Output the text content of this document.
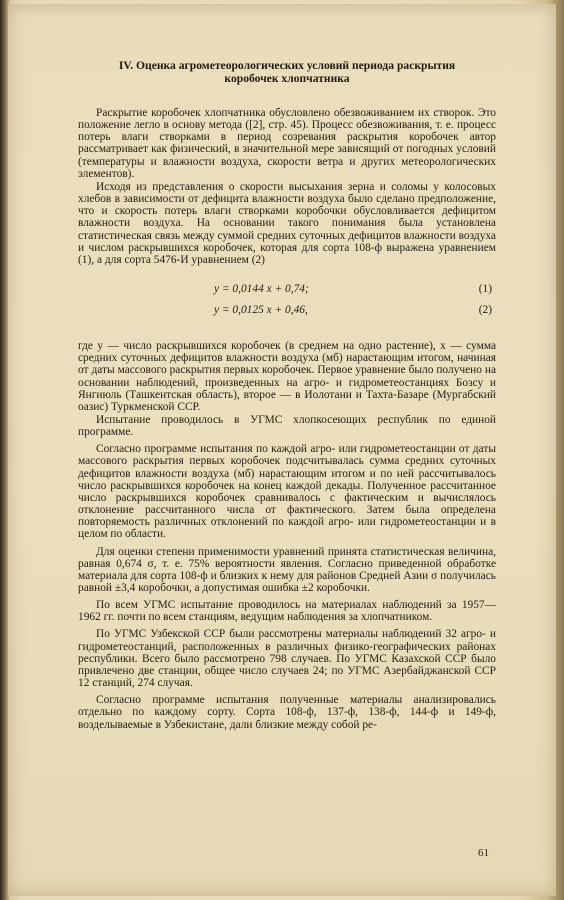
IV. Оценка агрометеорологических условий периода раскрытия
коробочек хлопчатника

Раскрытие коробочек хлопчатника обусловлено обезвоживанием их створок. Это положение легло в основу метода ([2], стр. 45). Процесс обезвоживания, т. е. процесс потерь влаги створками в период созревания раскрытия коробочек автор рассматривает как физический, в значительной мере зависящий от погодных условий (температуры и влажности воздуха, скорости ветра и других метеорологических элементов).

Исходя из представления о скорости высыхания зерна и соломы у колосовых хлебов в зависимости от дефицита влажности воздуха было сделано предположение, что и скорость потерь влаги створками коробочки обусловливается дефицитом влажности воздуха. На основании такого понимания была установлена статистическая связь между суммой средних суточных дефицитов влажности воздуха и числом раскрывшихся коробочек, которая для сорта 108-ф выражена уравнением (1), а для сорта 5476-И уравнением (2)

y = 0,0144 x + 0,74;	(1)
y = 0,0125 x + 0,46,	(2)

где y — число раскрывшихся коробочек (в среднем на одно растение), x — сумма средних суточных дефицитов влажности воздуха (мб) нарастающим итогом, начиная от даты массового раскрытия первых коробочек. Первое уравнение было получено на основании наблюдений, произведенных на агро- и гидрометеостанциях Бозсу и Янгиюль (Ташкентская область), второе — в Иолотани и Тахта-Базаре (Мургабский оазис) Туркменской ССР.

Испытание проводилось в УГМС хлопкосеющих республик по единой программе.

Согласно программе испытания по каждой агро- или гидрометеостанции от даты массового раскрытия первых коробочек подсчитывалась сумма средних суточных дефицитов влажности воздуха (мб) нарастающим итогом и по ней рассчитывалось число раскрывшихся коробочек на конец каждой декады. Полученное рассчитанное число раскрывшихся коробочек сравнивалось с фактическим и вычислялось отклонение рассчитанного числа от фактического. Затем была определена повторяемость различных отклонений по каждой агро- или гидрометеостанции и в целом по области.

Для оценки степени применимости уравнений принята статистическая величина, равная 0,674 σ, т. е. 75% вероятности явления. Согласно приведенной обработке материала для сорта 108-ф и близких к нему для районов Средней Азии σ получилась равной ±3,4 коробочки, а допустимая ошибка ±2 коробочки.

По всем УГМС испытание проводилось на материалах наблюдений за 1957—1962 гг. почти по всем станциям, ведущим наблюдения за хлопчатником.

По УГМС Узбекской ССР были рассмотрены материалы наблюдений 32 агро- и гидрометеостанций, расположенных в различных физико-географических районах республики. Всего было рассмотрено 798 случаев. По УГМС Казахской ССР было привлечено две станции, общее число случаев 24; по УГМС Азербайджанской ССР 12 станций, 274 случая.

Согласно программе испытания полученные материалы анализировались отдельно по каждому сорту. Сорта 108-ф, 137-ф, 138-ф, 144-ф и 149-ф, возделываемые в Узбекистане, дали близкие между собой ре-

61
